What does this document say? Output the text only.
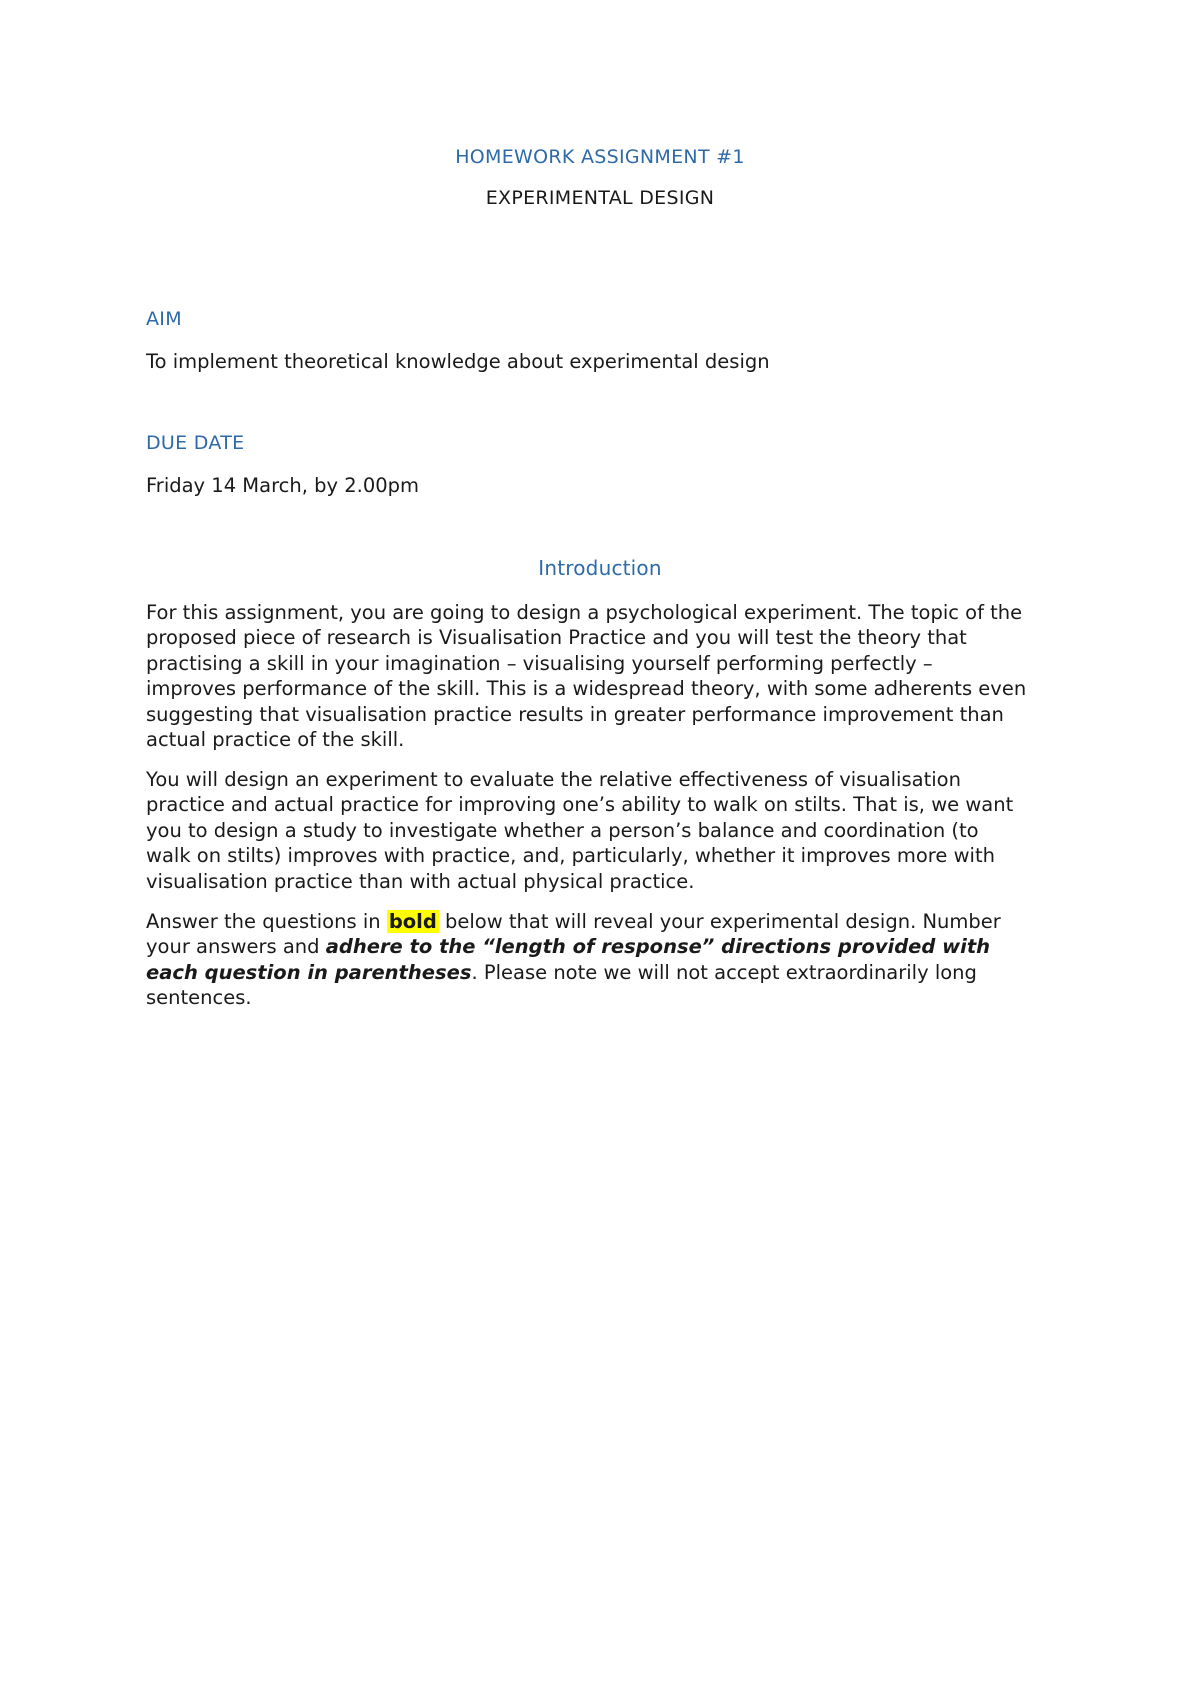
HOMEWORK ASSIGNMENT #1
EXPERIMENTAL DESIGN
AIM
To implement theoretical knowledge about experimental design
DUE DATE
Friday 14 March, by 2.00pm
Introduction
For this assignment, you are going to design a psychological experiment. The topic of the
proposed piece of research is Visualisation Practice and you will test the theory that
practising a skill in your imagination – visualising yourself performing perfectly –
improves performance of the skill. This is a widespread theory, with some adherents even
suggesting that visualisation practice results in greater performance improvement than
actual practice of the skill.
You will design an experiment to evaluate the relative effectiveness of visualisation
practice and actual practice for improving one’s ability to walk on stilts. That is, we want
you to design a study to investigate whether a person’s balance and coordination (to
walk on stilts) improves with practice, and, particularly, whether it improves more with
visualisation practice than with actual physical practice.
Answer the questions in bold below that will reveal your experimental design. Number
your answers and adhere to the “length of response” directions provided with
each question in parentheses. Please note we will not accept extraordinarily long
sentences.
